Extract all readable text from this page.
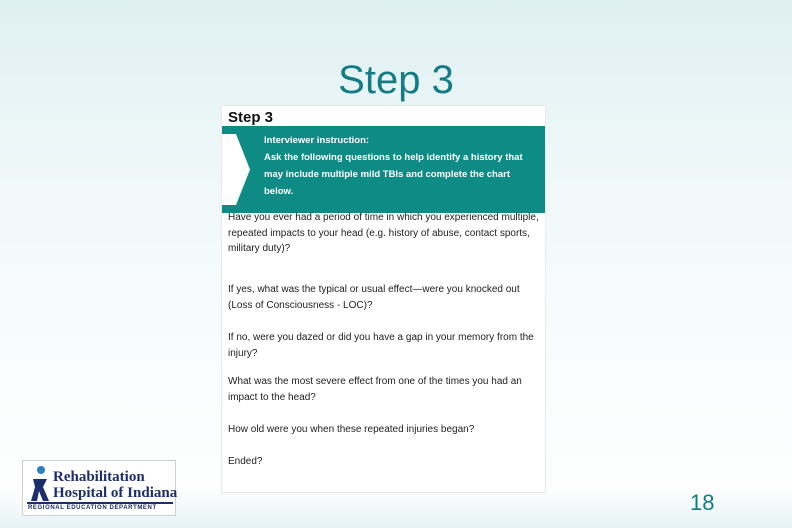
Step 3
Step 3
Interviewer instruction:
Ask the following questions to help identify a history that may include multiple mild TBIs and complete the chart below.
Have you ever had a period of time in which you experienced multiple, repeated impacts to your head (e.g. history of abuse, contact sports, military duty)?
If yes, what was the typical or usual effect—were you knocked out (Loss of Consciousness - LOC)?
If no, were you dazed or did you have a gap in your memory from the injury?
What was the most severe effect from one of the times you had an impact to the head?
How old were you when these repeated injuries began?
Ended?
Rehabilitation
Hospital of Indiana
REGIONAL EDUCATION DEPARTMENT	18
